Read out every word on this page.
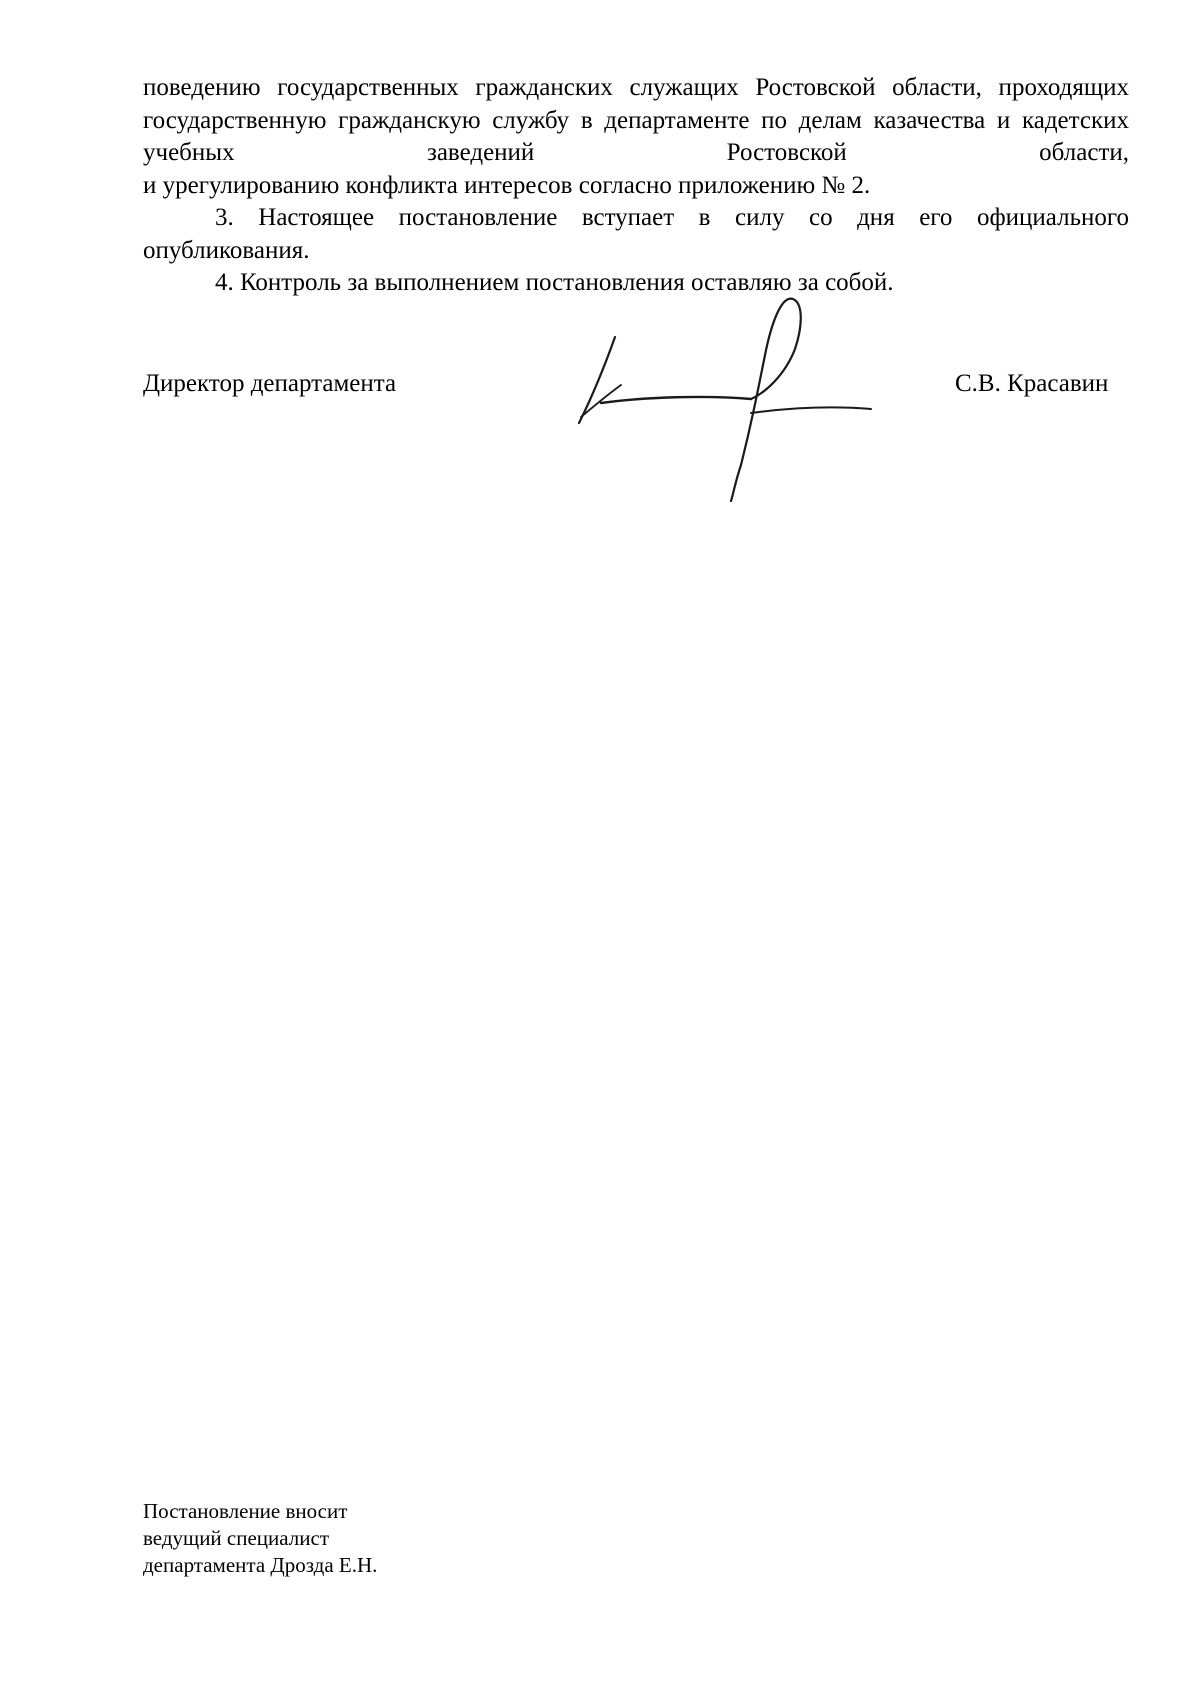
поведению государственных гражданских служащих Ростовской области, проходящих государственную гражданскую службу в департаменте по делам казачества и кадетских учебных заведений Ростовской области,

и урегулированию конфликта интересов согласно приложению № 2.

3. Настоящее постановление вступает в силу со дня его официального опубликования.

4. Контроль за выполнением постановления оставляю за собой.

Директор департамента	С.В. Красавин
Постановление вносит
ведущий специалист
департамента Дрозда Е.Н.
